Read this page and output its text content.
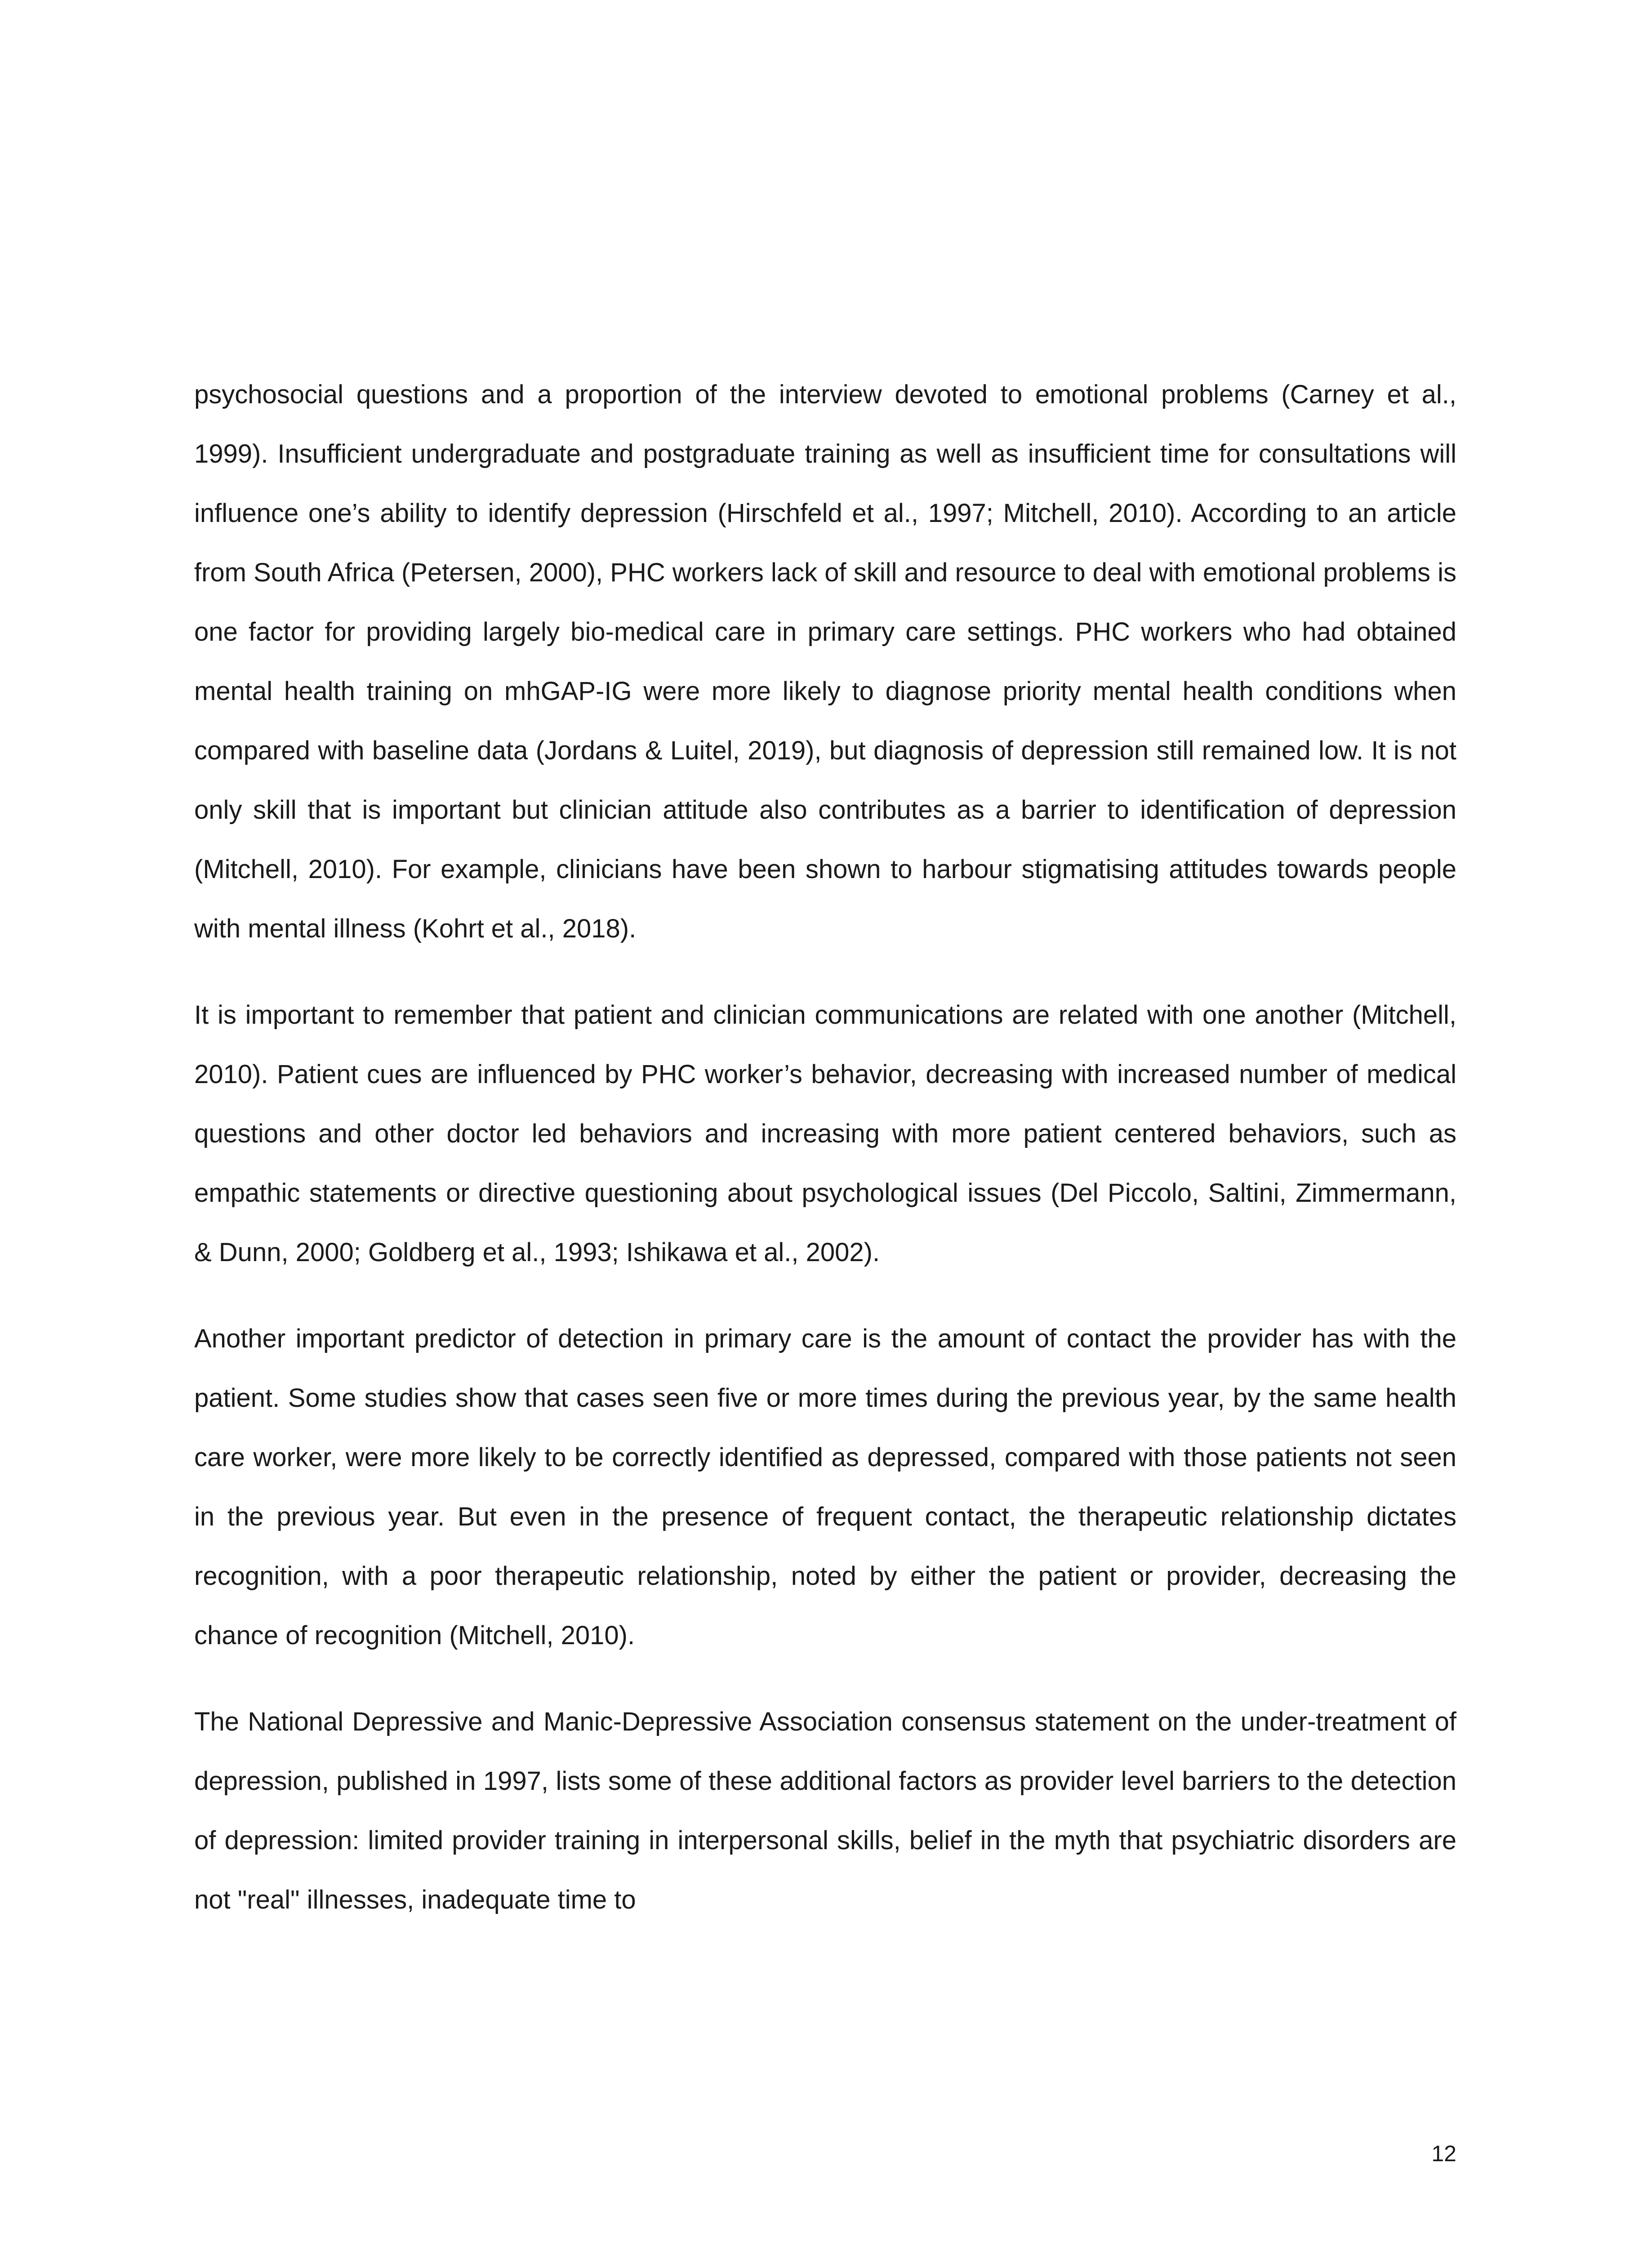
psychosocial questions and a proportion of the interview devoted to emotional problems (Carney et al., 1999). Insufficient undergraduate and postgraduate training as well as insufficient time for consultations will influence one’s ability to identify depression (Hirschfeld et al., 1997; Mitchell, 2010). According to an article from South Africa (Petersen, 2000), PHC workers lack of skill and resource to deal with emotional problems is one factor for providing largely bio-medical care in primary care settings. PHC workers who had obtained mental health training on mhGAP-IG were more likely to diagnose priority mental health conditions when compared with baseline data (Jordans & Luitel, 2019), but diagnosis of depression still remained low. It is not only skill that is important but clinician attitude also contributes as a barrier to identification of depression (Mitchell, 2010). For example, clinicians have been shown to harbour stigmatising attitudes towards people with mental illness (Kohrt et al., 2018).

It is important to remember that patient and clinician communications are related with one another (Mitchell, 2010). Patient cues are influenced by PHC worker’s behavior, decreasing with increased number of medical questions and other doctor led behaviors and increasing with more patient centered behaviors, such as empathic statements or directive questioning about psychological issues (Del Piccolo, Saltini, Zimmermann, & Dunn, 2000; Goldberg et al., 1993; Ishikawa et al., 2002).

Another important predictor of detection in primary care is the amount of contact the provider has with the patient. Some studies show that cases seen five or more times during the previous year, by the same health care worker, were more likely to be correctly identified as depressed, compared with those patients not seen in the previous year. But even in the presence of frequent contact, the therapeutic relationship dictates recognition, with a poor therapeutic relationship, noted by either the patient or provider, decreasing the chance of recognition (Mitchell, 2010).

The National Depressive and Manic-Depressive Association consensus statement on the under-treatment of depression, published in 1997, lists some of these additional factors as provider level barriers to the detection of depression: limited provider training in interpersonal skills, belief in the myth that psychiatric disorders are not "real" illnesses, inadequate time to

12
